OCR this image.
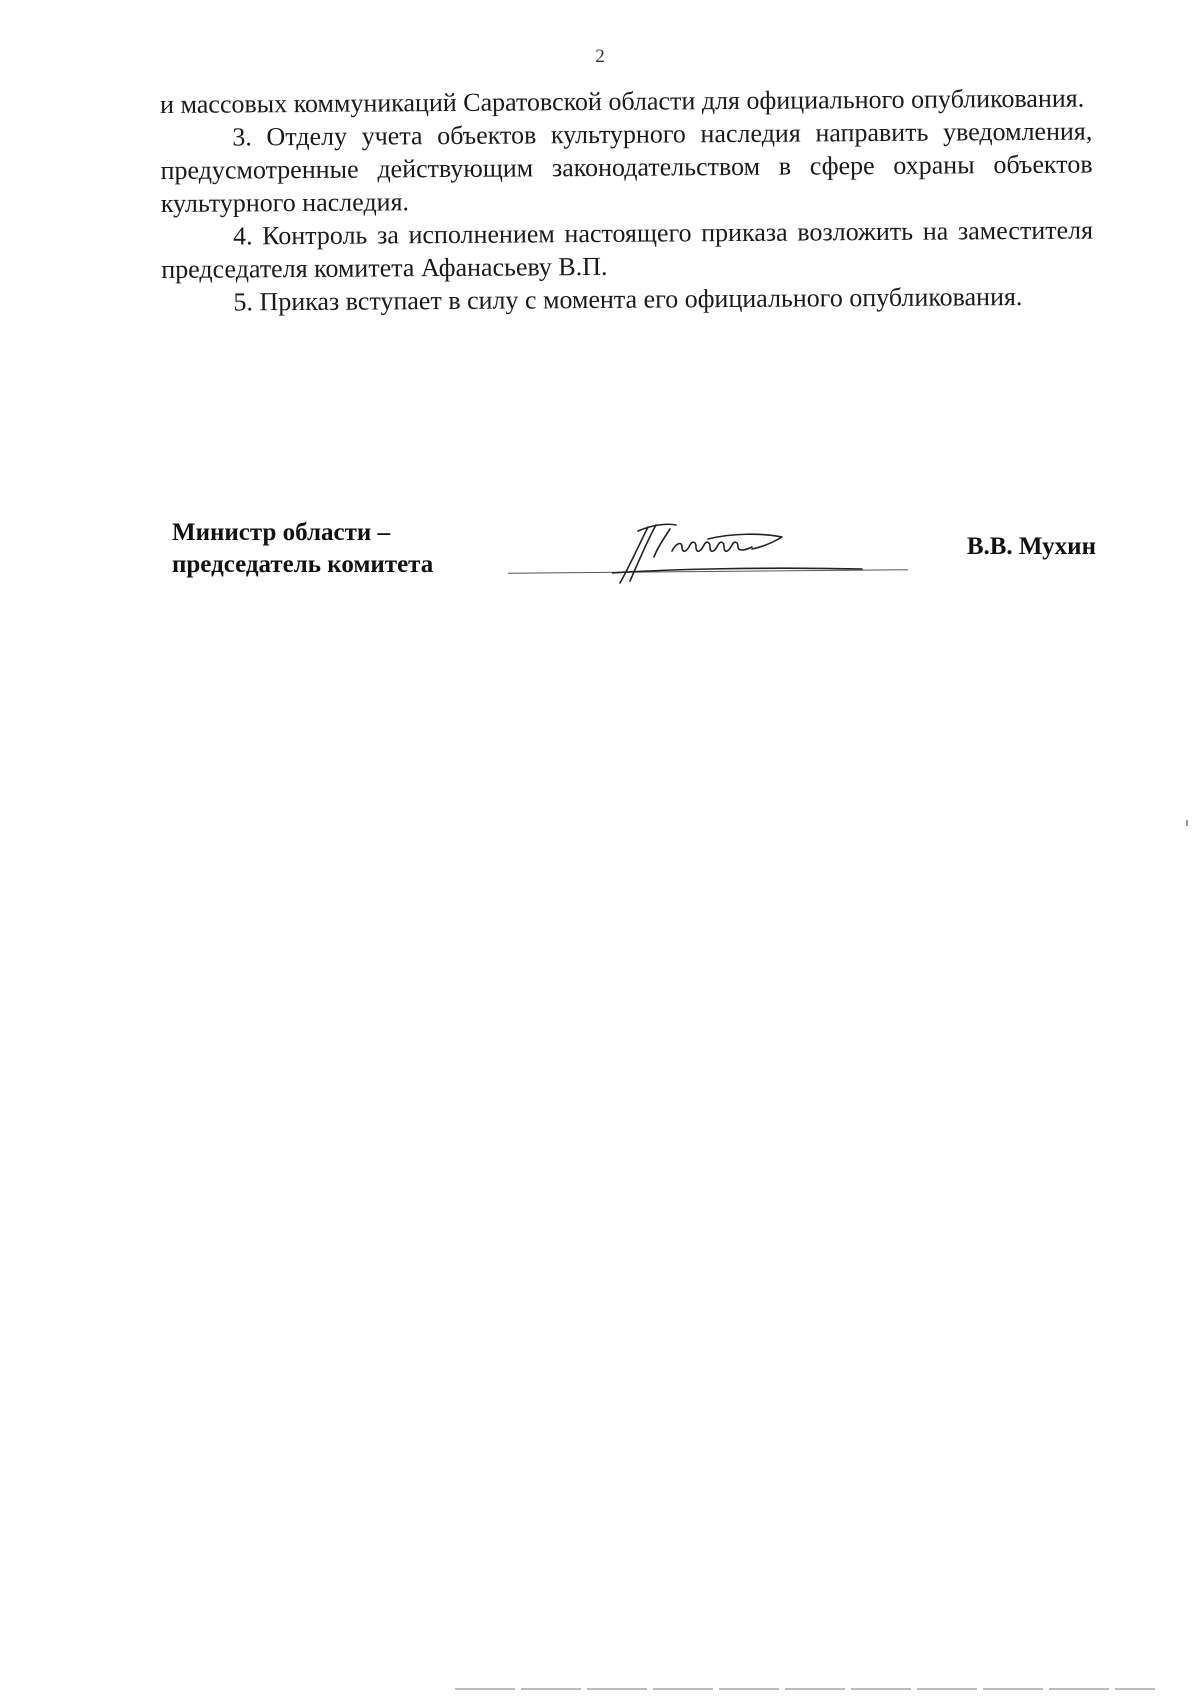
2

и массовых коммуникаций Саратовской области для официального опубликования.

3. Отделу учета объектов культурного наследия направить уведомления, предусмотренные действующим законодательством в сфере охраны объектов культурного наследия.

4. Контроль за исполнением настоящего приказа возложить на заместителя председателя комитета Афанасьеву В.П.

5. Приказ вступает в силу с момента его официального опубликования.

Министр области –
председатель комитета
В.В. Мухин
